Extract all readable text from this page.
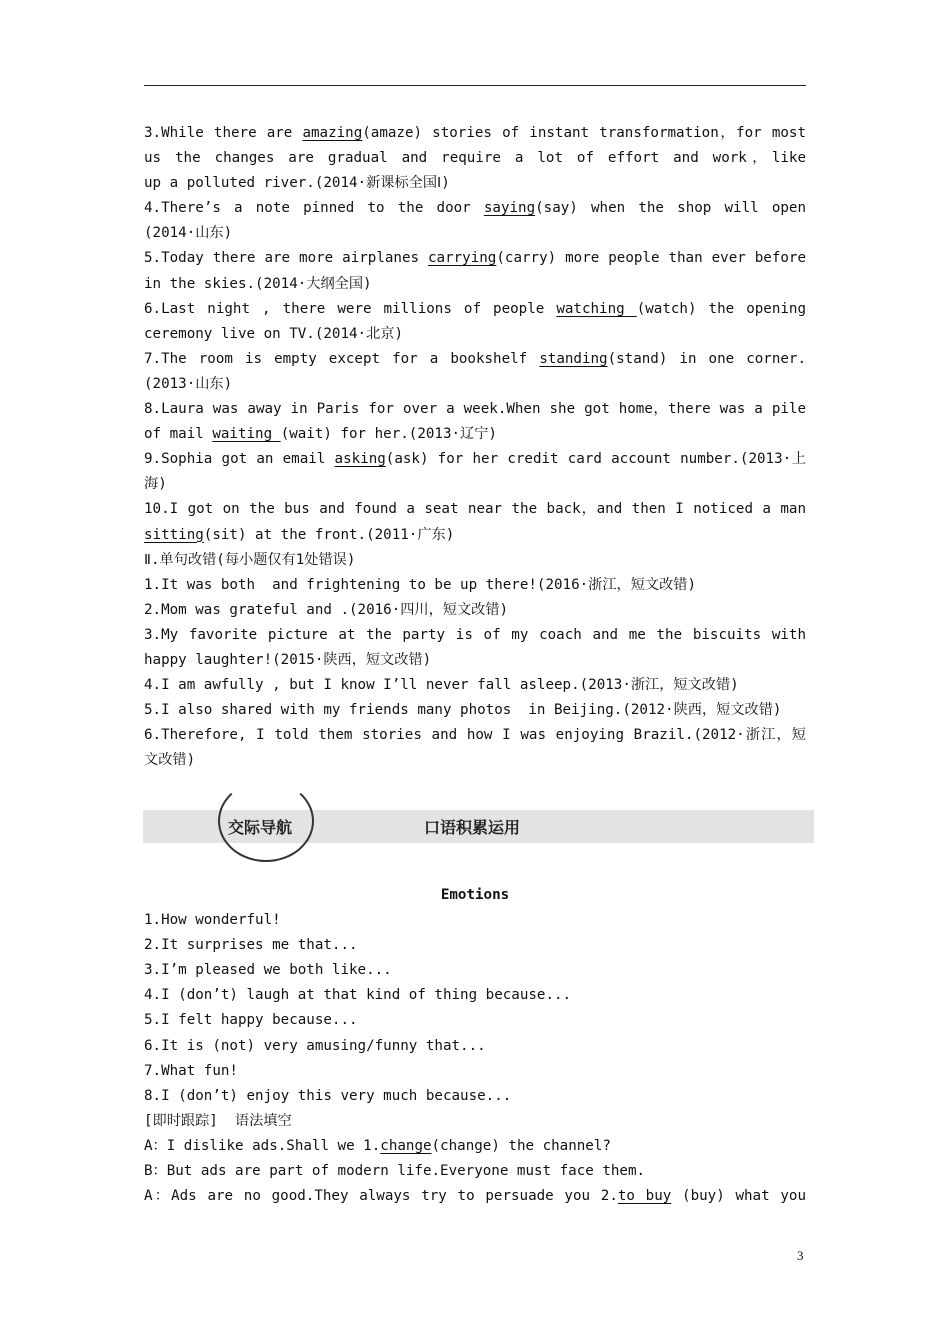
3.While there are amazing(amaze) stories of instant transformation，for most
us the changes are gradual and require a lot of effort and work，like
up a polluted river.(2014·新课标全国Ⅰ)
4.There’s a note pinned to the door saying(say) when the shop will open
(2014·山东)
5.Today there are more airplanes carrying(carry) more people than ever before
in the skies.(2014·大纲全国)
6.Last night , there were millions of people watching (watch) the opening
ceremony live on TV.(2014·北京)
7.The room is empty except for a bookshelf standing(stand) in one corner.
(2013·山东)
8.Laura was away in Paris for over a week.When she got home，there was a pile
of mail waiting (wait) for her.(2013·辽宁)
9.Sophia got an email asking(ask) for her credit card account number.(2013·上
海)
10.I got on the bus and found a seat near the back，and then I noticed a man
sitting(sit) at the front.(2011·广东)
Ⅱ.单句改错(每小题仅有1处错误)
1.It was both  and frightening to be up there!(2016·浙江，短文改错)
2.Mom was grateful and .(2016·四川，短文改错)
3.My favorite picture at the party is of my coach and me the biscuits with
happy laughter!(2015·陕西，短文改错)
4.I am awfully , but I know I’ll never fall asleep.(2013·浙江，短文改错)
5.I also shared with my friends many photos  in Beijing.(2012·陕西，短文改错)
6.Therefore, I told them stories and how I was enjoying Brazil.(2012·浙江，短
文改错)
交际导航	口语积累运用
Emotions
1.How wonderful!
2.It surprises me that...
3.I’m pleased we both like...
4.I (don’t) laugh at that kind of thing because...
5.I felt happy because...
6.It is (not) very amusing/funny that...
7.What fun!
8.I (don’t) enjoy this very much because...
[即时跟踪]  语法填空
A：I dislike ads.Shall we 1.change(change) the channel?
B：But ads are part of modern life.Everyone must face them.
A：Ads are no good.They always try to persuade you 2.to buy (buy) what you
3
